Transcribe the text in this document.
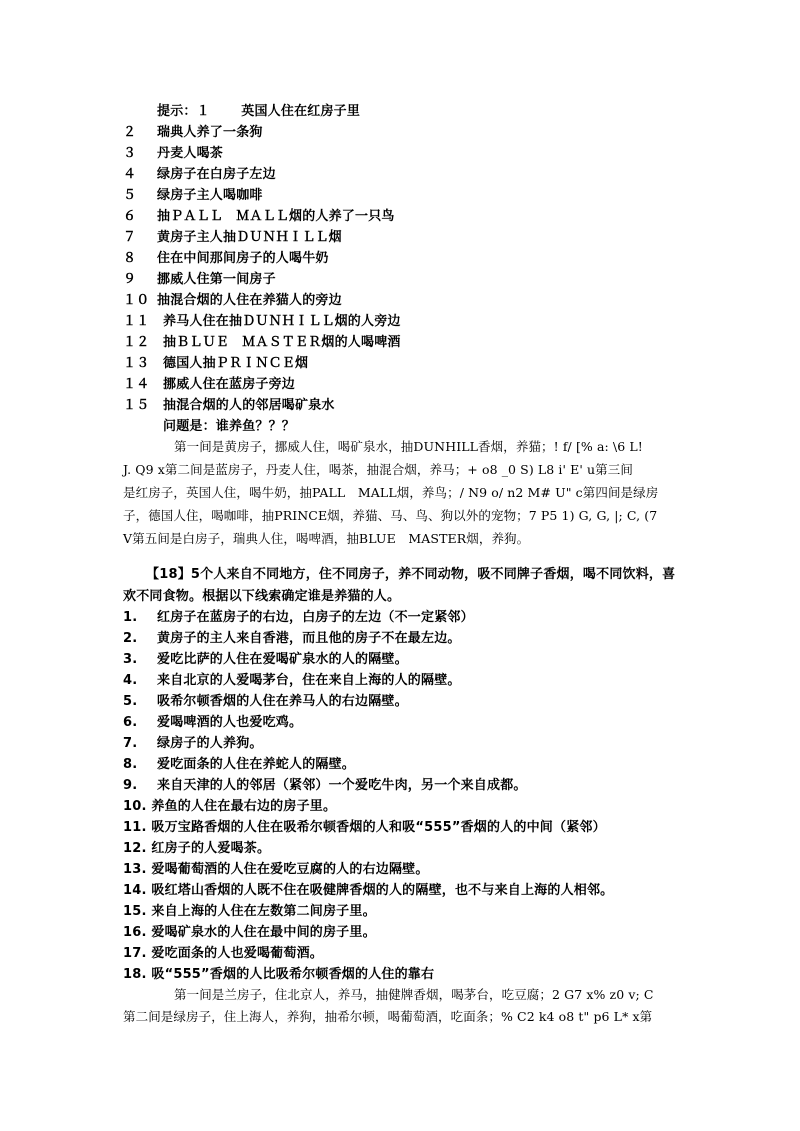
提示：１ 英国人住在红房子里
２ 瑞典人养了一条狗
３ 丹麦人喝茶
４ 绿房子在白房子左边
５ 绿房子主人喝咖啡
６ 抽ＰＡＬＬ　ＭＡＬＬ烟的人养了一只鸟
７ 黄房子主人抽ＤＵＮＨＩＬＬ烟
８ 住在中间那间房子的人喝牛奶
９ 挪威人住第一间房子
１０ 抽混合烟的人住在养猫人的旁边
１１ 养马人住在抽ＤＵＮＨＩＬＬ烟的人旁边
１２ 抽ＢＬＵＥ　ＭＡＳＴＥＲ烟的人喝啤酒
１３ 德国人抽ＰＲＩＮＣＥ烟
１４ 挪威人住在蓝房子旁边
１５ 抽混合烟的人的邻居喝矿泉水
问题是：谁养鱼？？？
第一间是黄房子，挪威人住，喝矿泉水，抽DUNHILL香烟，养猫；! f/ [% a: \6 L!
J. Q9 x第二间是蓝房子，丹麦人住，喝茶，抽混合烟，养马；+ o8 _0 S) L8 i' E' u第三间
是红房子，英国人住，喝牛奶，抽PALL　MALL烟，养鸟；/ N9 o/ n2 M# U" c第四间是绿房
子，德国人住，喝咖啡，抽PRINCE烟，养猫、马、鸟、狗以外的宠物；7 P5 1) G, G, |; C, (7
V第五间是白房子，瑞典人住，喝啤酒，抽BLUE　MASTER烟，养狗。
【18】5个人来自不同地方，住不同房子，养不同动物，吸不同牌子香烟，喝不同饮料，喜
欢不同食物。根据以下线索确定谁是养猫的人。
1. 红房子在蓝房子的右边，白房子的左边（不一定紧邻）
2. 黄房子的主人来自香港，而且他的房子不在最左边。
3. 爱吃比萨的人住在爱喝矿泉水的人的隔壁。
4. 来自北京的人爱喝茅台，住在来自上海的人的隔壁。
5. 吸希尔顿香烟的人住在养马人的右边隔壁。
6. 爱喝啤酒的人也爱吃鸡。
7. 绿房子的人养狗。
8. 爱吃面条的人住在养蛇人的隔壁。
9. 来自天津的人的邻居（紧邻）一个爱吃牛肉，另一个来自成都。
10. 养鱼的人住在最右边的房子里。
11. 吸万宝路香烟的人住在吸希尔顿香烟的人和吸“555”香烟的人的中间（紧邻）
12. 红房子的人爱喝茶。
13. 爱喝葡萄酒的人住在爱吃豆腐的人的右边隔壁。
14. 吸红塔山香烟的人既不住在吸健牌香烟的人的隔壁，也不与来自上海的人相邻。
15. 来自上海的人住在左数第二间房子里。
16. 爱喝矿泉水的人住在最中间的房子里。
17. 爱吃面条的人也爱喝葡萄酒。
18. 吸“555”香烟的人比吸希尔顿香烟的人住的靠右
第一间是兰房子，住北京人，养马，抽健牌香烟，喝茅台，吃豆腐；2 G7 x% z0 v; C
第二间是绿房子，住上海人，养狗，抽希尔顿，喝葡萄酒，吃面条；% C2 k4 o8 t" p6 L* x第
